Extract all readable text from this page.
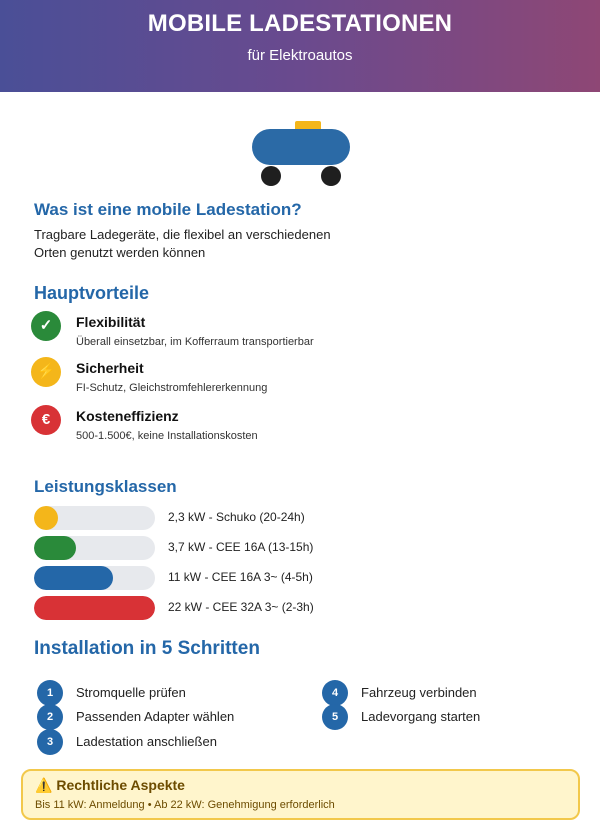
MOBILE LADESTATIONEN
für Elektroautos
Was ist eine mobile Ladestation?
Tragbare Ladegeräte, die flexibel an verschiedenen
Orten genutzt werden können
Hauptvorteile
✓	Flexibilität
Überall einsetzbar, im Kofferraum transportierbar
⚡	Sicherheit
FI-Schutz, Gleichstromfehlererkennung
€	Kosteneffizienz
500-1.500€, keine Installationskosten
Leistungsklassen
2,3 kW - Schuko (20-24h)
3,7 kW - CEE 16A (13-15h)
11 kW - CEE 16A 3~ (4-5h)
22 kW - CEE 32A 3~ (2-3h)
Installation in 5 Schritten
1	Stromquelle prüfen
2	Passenden Adapter wählen
3	Ladestation anschließen
4	Fahrzeug verbinden
5	Ladevorgang starten
⚠️ Rechtliche Aspekte
Bis 11 kW: Anmeldung • Ab 22 kW: Genehmigung erforderlich
